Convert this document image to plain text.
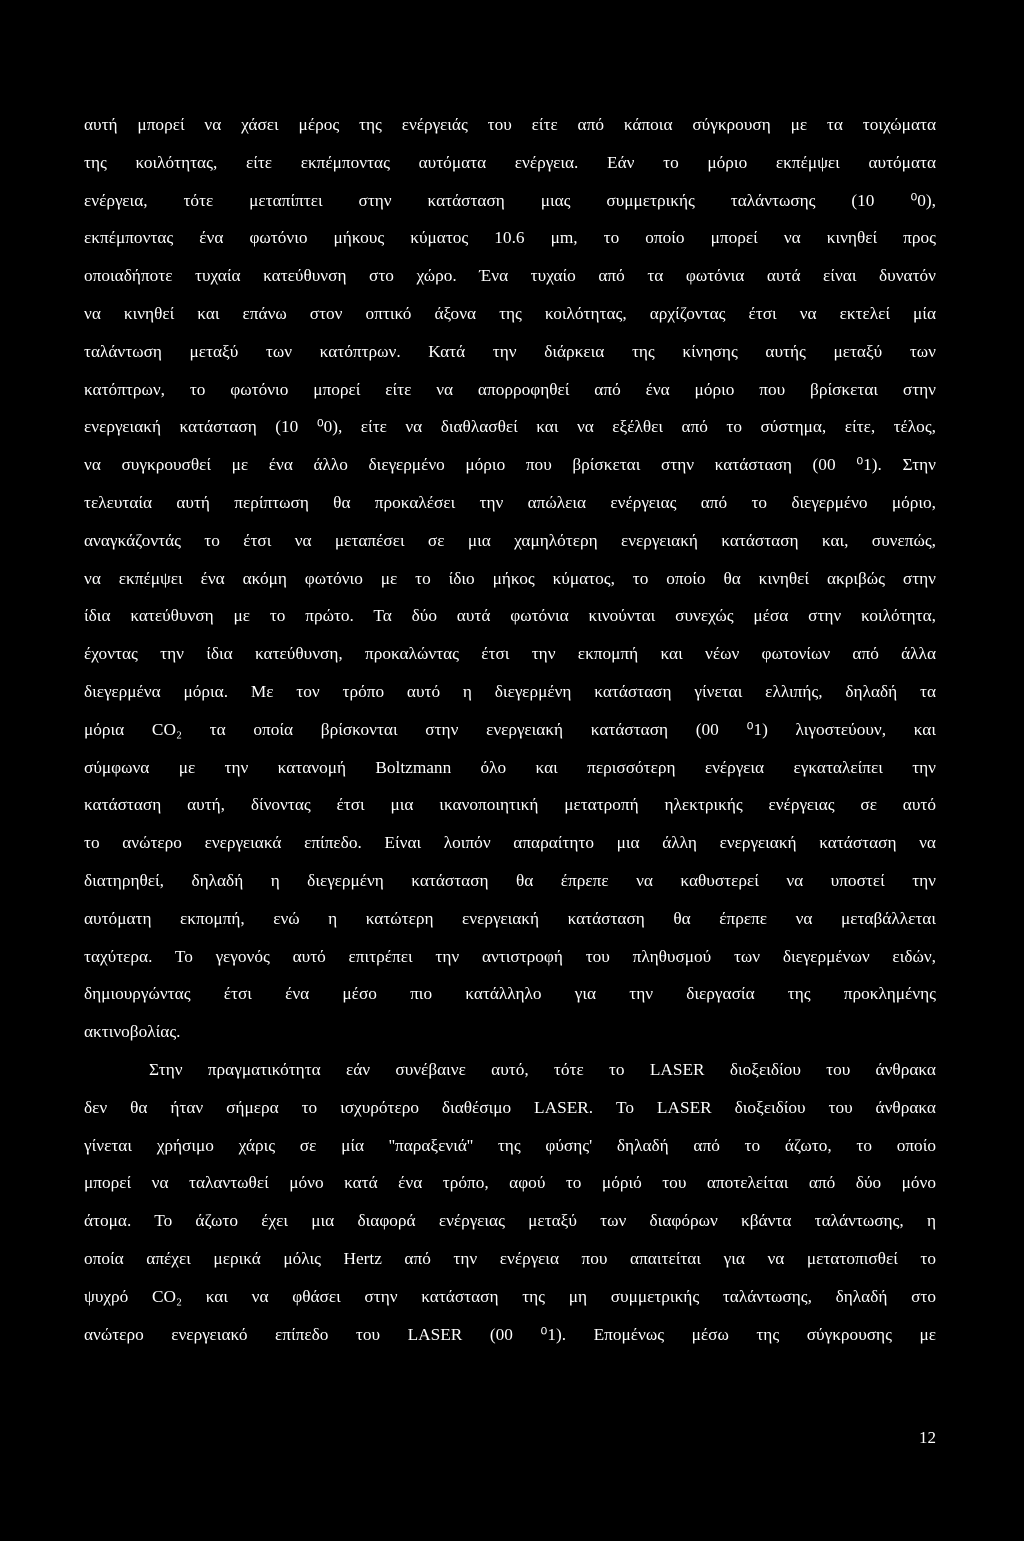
αυτή μπορεί να χάσει μέρος της ενέργειάς του είτε από κάποια σύγκρουση με τα τοιχώματα
της κοιλότητας, είτε εκπέμποντας αυτόματα ενέργεια. Εάν το μόριο εκπέμψει αυτόματα
ενέργεια, τότε μεταπίπτει στην κατάσταση μιας συμμετρικής ταλάντωσης (10 ⁰0),
εκπέμποντας ένα φωτόνιο μήκους κύματος 10.6 μm, το οποίο μπορεί να κινηθεί προς
οποιαδήποτε τυχαία κατεύθυνση στο χώρο. Ένα τυχαίο από τα φωτόνια αυτά είναι δυνατόν
να κινηθεί και επάνω στον οπτικό άξονα της κοιλότητας, αρχίζοντας έτσι να εκτελεί μία
ταλάντωση μεταξύ των κατόπτρων. Κατά την διάρκεια της κίνησης αυτής μεταξύ των
κατόπτρων, το φωτόνιο μπορεί είτε να απορροφηθεί από ένα μόριο που βρίσκεται στην
ενεργειακή κατάσταση (10 ⁰0), είτε να διαθλασθεί και να εξέλθει από το σύστημα, είτε, τέλος,
να συγκρουσθεί με ένα άλλο διεγερμένο μόριο που βρίσκεται στην κατάσταση (00 ⁰1). Στην
τελευταία αυτή περίπτωση θα προκαλέσει την απώλεια ενέργειας από το διεγερμένο μόριο,
αναγκάζοντάς το έτσι να μεταπέσει σε μια χαμηλότερη ενεργειακή κατάσταση και, συνεπώς,
να εκπέμψει ένα ακόμη φωτόνιο με το ίδιο μήκος κύματος, το οποίο θα κινηθεί ακριβώς στην
ίδια κατεύθυνση με το πρώτο. Τα δύο αυτά φωτόνια κινούνται συνεχώς μέσα στην κοιλότητα,
έχοντας την ίδια κατεύθυνση, προκαλώντας έτσι την εκπομπή και νέων φωτονίων από άλλα
διεγερμένα μόρια. Με τον τρόπο αυτό η διεγερμένη κατάσταση γίνεται ελλιπής, δηλαδή τα
μόρια CO₂ τα οποία βρίσκονται στην ενεργειακή κατάσταση (00 ⁰1) λιγοστεύουν, και
σύμφωνα με την κατανομή Boltzmann όλο και περισσότερη ενέργεια εγκαταλείπει την
κατάσταση αυτή, δίνοντας έτσι μια ικανοποιητική μετατροπή ηλεκτρικής ενέργειας σε αυτό
το ανώτερο ενεργειακά επίπεδο. Είναι λοιπόν απαραίτητο μια άλλη ενεργειακή κατάσταση να
διατηρηθεί, δηλαδή η διεγερμένη κατάσταση θα έπρεπε να καθυστερεί να υποστεί την
αυτόματη εκπομπή, ενώ η κατώτερη ενεργειακή κατάσταση θα έπρεπε να μεταβάλλεται
ταχύτερα. Το γεγονός αυτό επιτρέπει την αντιστροφή του πληθυσμού των διεγερμένων ειδών,
δημιουργώντας έτσι ένα μέσο πιο κατάλληλο για την διεργασία της προκλημένης
ακτινοβολίας.
Στην πραγματικότητα εάν συνέβαινε αυτό, τότε το LASER διοξειδίου του άνθρακα
δεν θα ήταν σήμερα το ισχυρότερο διαθέσιμο LASER. Το LASER διοξειδίου του άνθρακα
γίνεται χρήσιμο χάρις σε μία ''παραξενιά'' της φύσης' δηλαδή από το άζωτο, το οποίο
μπορεί να ταλαντωθεί μόνο κατά ένα τρόπο, αφού το μόριό του αποτελείται από δύο μόνο
άτομα. Το άζωτο έχει μια διαφορά ενέργειας μεταξύ των διαφόρων κβάντα ταλάντωσης, η
οποία απέχει μερικά μόλις Hertz από την ενέργεια που απαιτείται για να μετατοπισθεί το
ψυχρό CO₂ και να φθάσει στην κατάσταση της μη συμμετρικής ταλάντωσης, δηλαδή στο
ανώτερο ενεργειακό επίπεδο του LASER (00 ⁰1). Επομένως μέσω της σύγκρουσης με
12
